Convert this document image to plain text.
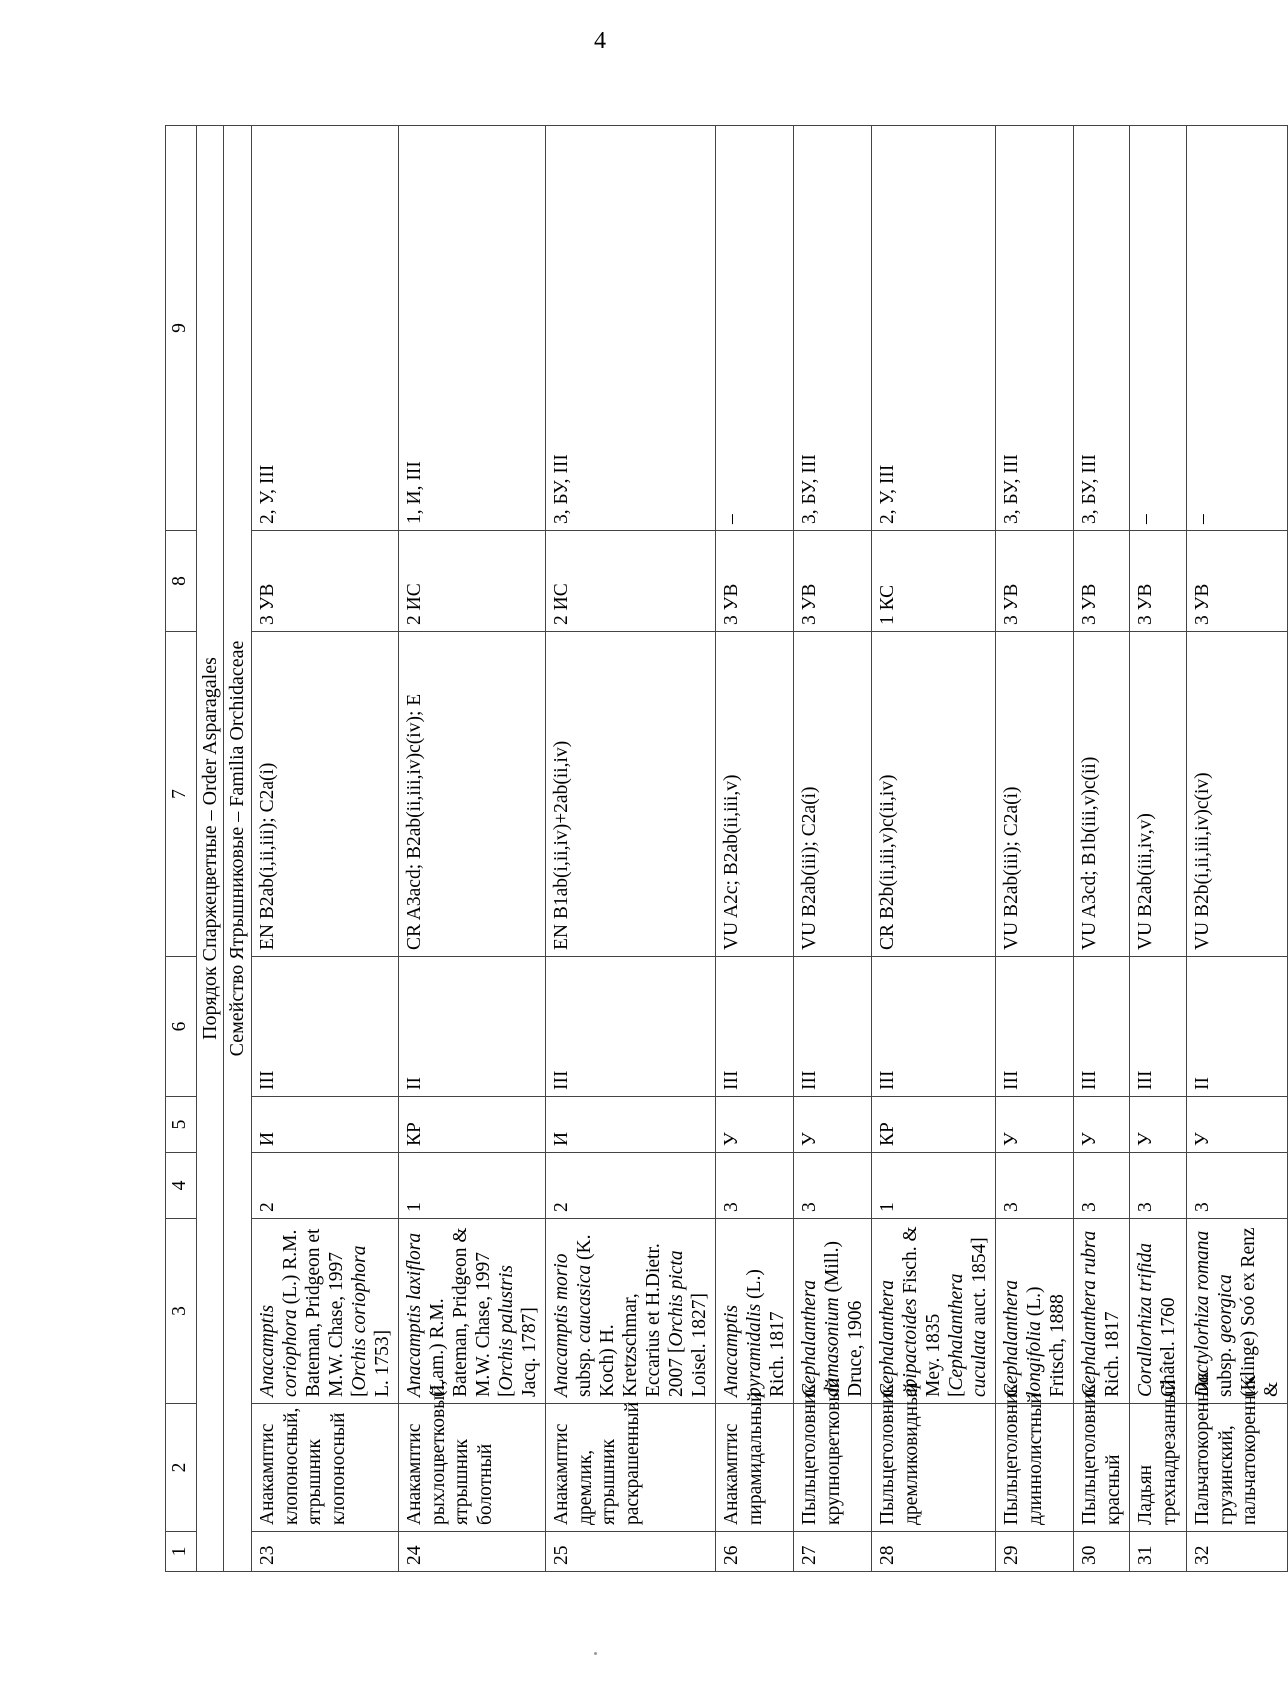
4
1	2	3	4	5	6	7	8	9
Порядок Спаржецветные – Order Asparagales								
Семейство Ятрышниковые – Familia Orchidaceae								
23	Анакамптис клопоносный, ятрышник клопоносный	Anacamptis coriophora (L.) R.M. Bateman, Pridgeon et M.W. Chase, 1997 [Orchis coriophora L. 1753]	2	И	III	EN B2ab(i,ii,iii); C2a(i)	3 УВ	2, У, III
24	Анакамптис рыхлоцветковый, ятрышник болотный	Anacamptis laxiflora (Lam.) R.M. Bateman, Pridgeon & M.W. Chase, 1997 [Orchis palustris Jacq. 1787]	1	КР	II	CR A3acd; B2ab(ii,iii,iv)c(iv); E	2 ИС	1, И, III
25	Анакамптис дремлик, ятрышник раскрашенный	Anacamptis morio subsp. caucasica (K. Koch) H. Kretzschmar, Eccarius et H.Dietr. 2007 [Orchis picta Loisel. 1827]	2	И	III	EN B1ab(i,ii,iv)+2ab(ii,iv)	2 ИС	3, БУ, III
26	Анакамптис пирамидальный	Anacamptis pyramidalis (L.) Rich. 1817	3	У	III	VU A2c; B2ab(ii,iii,v)	3 УВ	–
27	Пыльцеголовник крупноцветковый	Cephalanthera damasonium (Mill.) Druce, 1906	3	У	III	VU B2ab(iii); C2a(i)	3 УВ	3, БУ, III
28	Пыльцеголовник дремликовидный	Cephalanthera epipactoides Fisch. & Mey. 1835 [Cephalanthera cuculata auct. 1854]	1	КР	III	CR B2b(ii,iii,v)c(ii,iv)	1 КС	2, У, III
29	Пыльцеголовник длиннолистный	Cephalanthera longifolia (L.) Fritsch, 1888	3	У	III	VU B2ab(iii); C2a(i)	3 УВ	3, БУ, III
30	Пыльцеголовник красный	Cephalanthera rubra Rich. 1817	3	У	III	VU A3cd; B1b(iii,v)c(ii)	3 УВ	3, БУ, III
31	Ладьян трехнадрезанный	Corallorhiza trifida Châtel. 1760	3	У	III	VU B2ab(iii,iv,v)	3 УВ	–
32	Пальчатокоренник грузинский, пальчатокоренник	Dactylorhiza romana subsp. georgica (Klinge) Soó ex Renz &	3	У	II	VU B2b(i,ii,iii,iv)c(iv)	3 УВ	–
